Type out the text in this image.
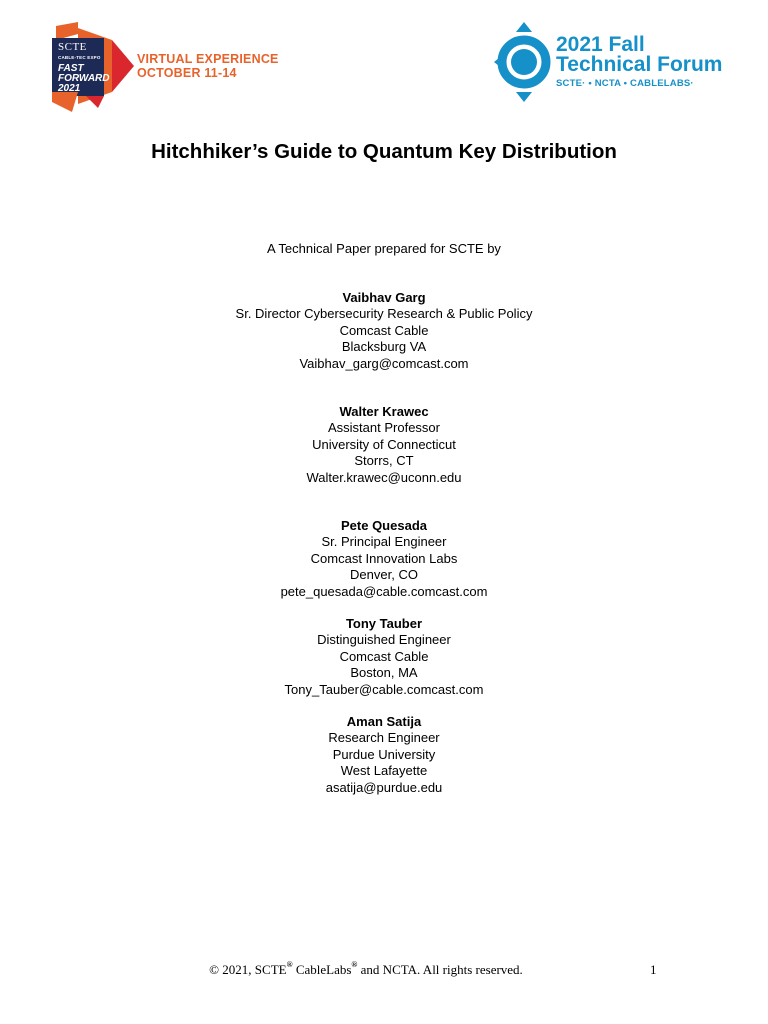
SCTE
CABLE-TEC EXPO
FAST
FORWARD
2021
VIRTUAL EXPERIENCE
OCTOBER 11-14
2021 Fall
Technical Forum
SCTE· • NCTA • CABLELABS·
Hitchhiker’s Guide to Quantum Key Distribution

A Technical Paper prepared for SCTE by

Vaibhav Garg
Sr. Director Cybersecurity Research & Public Policy
Comcast Cable
Blacksburg VA
Vaibhav_garg@comcast.com
Walter Krawec
Assistant Professor
University of Connecticut
Storrs, CT
Walter.krawec@uconn.edu
Pete Quesada
Sr. Principal Engineer
Comcast Innovation Labs
Denver, CO
pete_quesada@cable.comcast.com
Tony Tauber
Distinguished Engineer
Comcast Cable
Boston, MA
Tony_Tauber@cable.comcast.com
Aman Satija
Research Engineer
Purdue University
West Lafayette
asatija@purdue.edu
© 2021, SCTE® CableLabs® and NCTA. All rights reserved.	1
